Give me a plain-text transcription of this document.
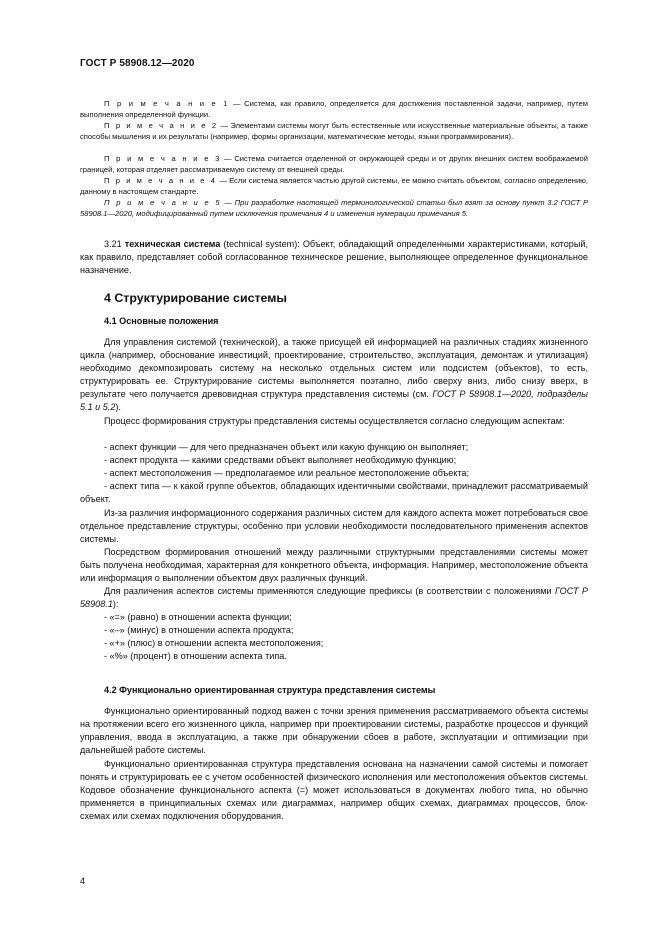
ГОСТ Р 58908.12—2020

П р и м е ч а н и е 1 — Система, как правило, определяется для достижения поставленной задачи, например, путем выполнения определенной функции.

П р и м е ч а н и е 2 — Элементами системы могут быть естественные или искусственные материальные объекты, а также способы мышления и их результаты (например, формы организации, математические методы, языки программирования).

П р и м е ч а н и е 3 — Система считается отделенной от окружающей среды и от других внешних систем воображаемой границей, которая отделяет рассматриваемую систему от внешней среды.

П р и м е ч а н и е 4 — Если система является частью другой системы, ее можно считать объектом, согласно определению, данному в настоящем стандарте.

П р и м е ч а н и е 5 — При разработке настоящей терминологической статьи был взят за основу пункт 3.2 ГОСТ Р 58908.1—2020, модифицированный путем исключения примечания 4 и изменения нумерации примечания 5.

3.21 техническая система (technical system): Объект, обладающий определенными характеристиками, который, как правило, представляет собой согласованное техническое решение, выполняющее определенное функциональное назначение.

4 Структурирование системы
4.1 Основные положения

Для управления системой (технической), а также присущей ей информацией на различных стадиях жизненного цикла (например, обоснование инвестиций, проектирование, строительство, эксплуатация, демонтаж и утилизация) необходимо декомпозировать систему на несколько отдельных систем или подсистем (объектов), то есть, структурировать ее. Структурирование системы выполняется поэтапно, либо сверху вниз, либо снизу вверх, в результате чего получается древовидная структура представления системы (см. ГОСТ Р 58908.1—2020, подразделы 5.1 и 5.2).

Процесс формирования структуры представления системы осуществляется согласно следующим аспектам:

- аспект функции — для чего предназначен объект или какую функцию он выполняет;

- аспект продукта — какими средствами объект выполняет необходимую функцию;

- аспект местоположения — предполагаемое или реальное местоположение объекта;

- аспект типа — к какой группе объектов, обладающих идентичными свойствами, принадлежит рассматриваемый объект.

Из-за различия информационного содержания различных систем для каждого аспекта может потребоваться свое отдельное представление структуры, особенно при условии необходимости последовательного применения аспектов системы.

Посредством формирования отношений между различными структурными представлениями системы может быть получена необходимая, характерная для конкретного объекта, информация. Например, местоположение объекта или информация о выполнении объектом двух различных функций.

Для различения аспектов системы применяются следующие префиксы (в соответствии с положениями ГОСТ Р 58908.1):

- «=» (равно) в отношении аспекта функции;

- «–» (минус) в отношении аспекта продукта;

- «+» (плюс) в отношении аспекта местоположения;

- «%» (процент) в отношении аспекта типа.

4.2 Функционально ориентированная структура представления системы

Функционально ориентированный подход важен с точки зрения применения рассматриваемого объекта системы на протяжении всего его жизненного цикла, например при проектировании системы, разработке процессов и функций управления, ввода в эксплуатацию, а также при обнаружении сбоев в работе, эксплуатации и оптимизации при дальнейшей работе системы.

Функционально ориентированная структура представления основана на назначении самой системы и помогает понять и структурировать ее с учетом особенностей физического исполнения или местоположения объектов системы. Кодовое обозначение функционального аспекта (=) может использоваться в документах любого типа, но обычно применяется в принципиальных схемах или диаграммах, например общих схемах, диаграммах процессов, блок-схемах или схемах подключения оборудования.

4
